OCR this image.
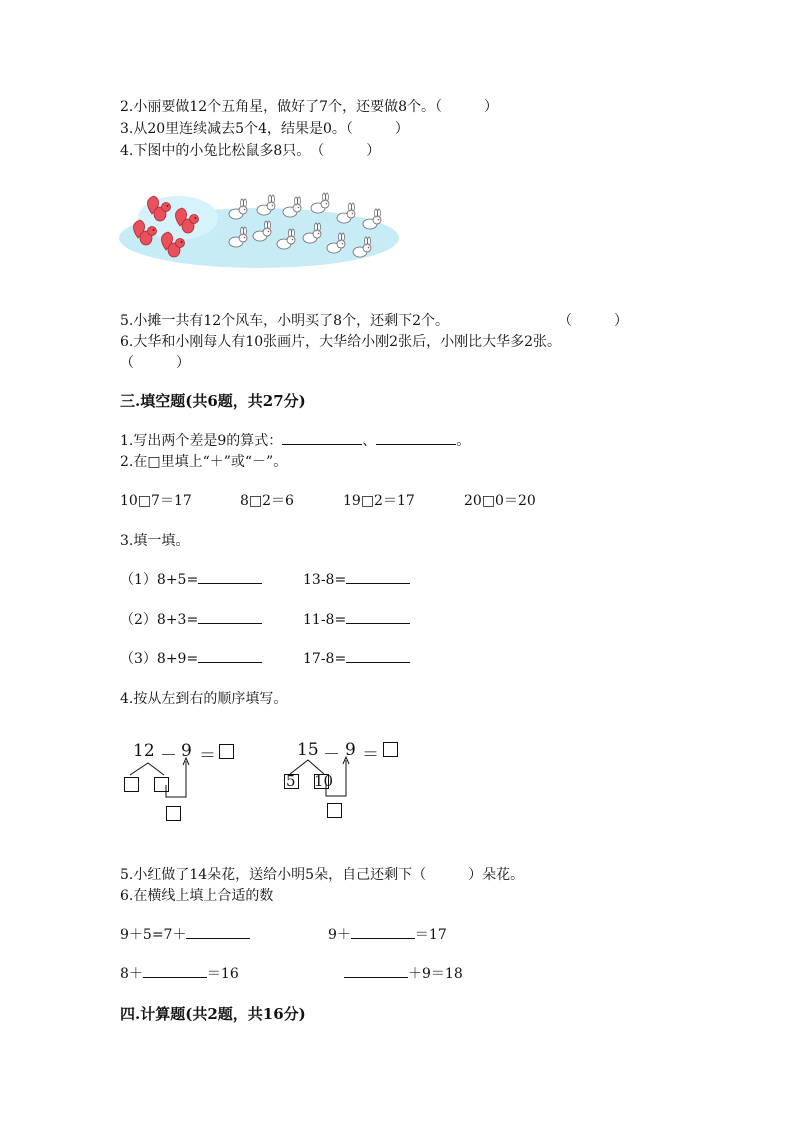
2.小丽要做12个五角星，做好了7个，还要做8个。（　　　）
3.从20里连续减去5个4，结果是0。（　　　）
4.下图中的小兔比松鼠多8只。　（　　　）
5.小摊一共有12个风车，小明买了8个，还剩下2个。	（　　　）
6.大华和小刚每人有10张画片，大华给小刚2张后，小刚比大华多2张。
（　　　）
三.填空题(共6题，共27分)
1.写出两个差是9的算式：	、	。
2.在□里填上“＋”或“－”。
10□7＝17	8□2＝6	19□2＝17	20□0＝20
3.填一填。
（1）8+5=	13-8=
（2）8+3=	11-8=
（3）8+9=	17-8=
4.按从左到右的顺序填写。
12 － 9 ＝	15 － 9 ＝
5 10
5.小红做了14朵花，送给小明5朵，自己还剩下（	）朵花。
6.在横线上填上合适的数
9＋5=7＋	9＋	＝17
8＋	＝16	＋9＝18
四.计算题(共2题，共16分)
